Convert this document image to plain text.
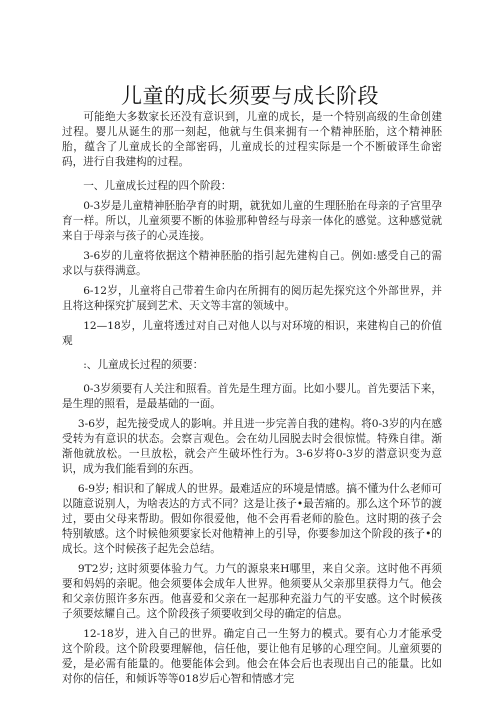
儿童的成长须要与成长阶段

可能绝大多数家长还没有意识到，儿童的成长，是一个特别高级的生命创建过程。婴儿从诞生的那一刻起，他就与生俱来拥有一个精神胚胎，这个精神胚胎，蕴含了儿童成长的全部密码，儿童成长的过程实际是一个不断破译生命密码，进行自我建构的过程。

一、儿童成长过程的四个阶段：

0-3岁是儿童精神胚胎孕育的时期，就犹如儿童的生理胚胎在母亲的子宫里孕育一样。所以，儿童须要不断的体验那种曾经与母亲一体化的感觉。这种感觉就来自于母亲与孩子的心灵连接。

3-6岁的儿童将依据这个精神胚胎的指引起先建构自己。例如:感受自己的需求以与获得满意。

6-12岁，儿童将自己带着生命内在所拥有的阅历起先探究这个外部世界，并且将这种探究扩展到艺术、天文等丰富的领域中。

12—18岁，儿童将透过对自己对他人以与对环境的相识，来建构自己的价值观

:、儿童成长过程的须要：

0-3岁须要有人关注和照看。首先是生理方面。比如小婴儿。首先要活下来，是生理的照看，是最基础的一面。

3-6岁，起先接受成人的影响。并且进一步完善自我的建构。将0-3岁的内在感受转为有意识的状态。会察言观色。会在幼儿园脱去时会很惊慌。特殊自律。渐渐他就放松。一旦放松，就会产生破坏性行为。3-6岁将0-3岁的潜意识变为意识，成为我们能看到的东西。

6-9岁; 相识和了解成人的世界。最难适应的环境是情感。搞不懂为什么老师可以随意说别人，为啥表达的方式不同？这是让孩子•最苦痛的。那么这个环节的渡过，要由父母来帮助。假如你很爱他，他不会再看老师的脸色。这时期的孩子会特别敏感。这个时候他须要家长对他精神上的引导，你要参加这个阶段的孩子•的成长。这个时候孩子起先会总结。

9T2岁; 这时须要体验力气。力气的源泉来H哪里，来自父亲。这时他不再须要和妈妈的亲昵。他会须要体会成年人世界。他须要从父亲那里获得力气。他会和父亲仿照许多东西。他喜爱和父亲在一起那种充溢力气的平安感。这个时候孩子须要炫耀自己。这个阶段孩子须要收到父母的确定的信息。

12-18岁，进入自己的世界。确定自己一生努力的模式。要有心力才能承受这个阶段。这个阶段要理解他，信任他，要让他有足够的心理空间。儿童须要的爱，是必需有能量的。他要能体会到。他会在体会后也表现出自己的能量。比如对你的信任，和倾诉等等018岁后心智和情感才完
